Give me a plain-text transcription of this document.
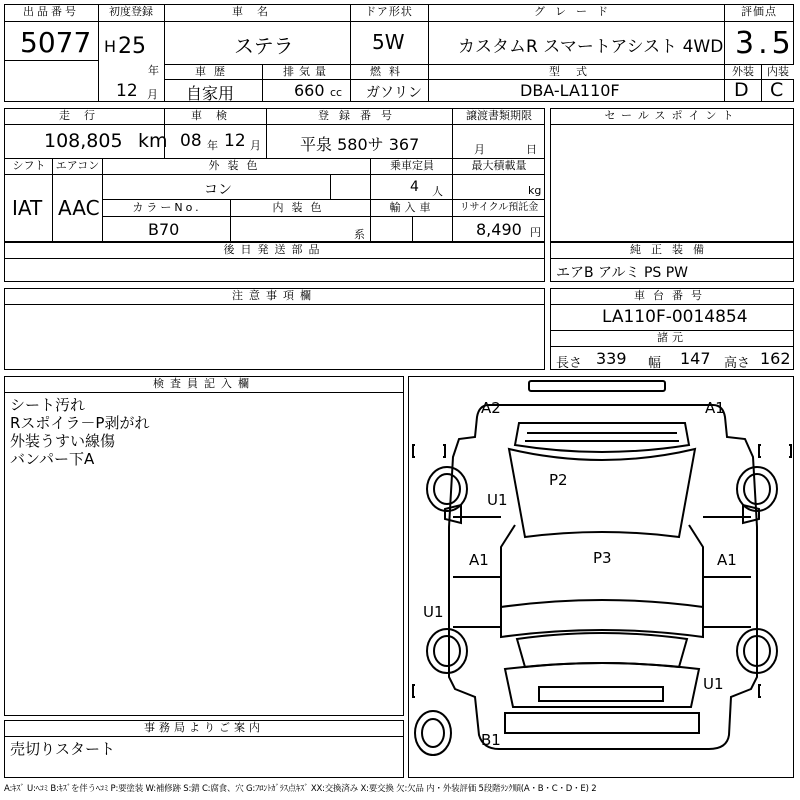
出品番号
5077
初度登録
H 25
年
12 月
車名
ステラ
ドア形状
5W
グレード
カスタムR スマートアシスト 4WD
評価点
3.5
車歴
自家用
排気量
660 cc
燃料
ガソリン
型式
DBA-LA110F
外装	内装
D C
走行
108,805 km
車検
08 年 12 月
登録番号
平泉 580サ 367
譲渡書類期限
月	日
シフト
IAT
エアコン
AAC
外装色
コン
乗車定員
4 人
最大積載量
kg
カラーNo.
B70
内装色
系
輸入車	リサイクル預託金
8,490 円
セールスポイント
後日発送部品	純正装備
エアB アルミ PS PW
注意事項欄	車台番号
LA110F-0014854
諸元
長さ 339 幅 147 高さ 162
検査員記入欄
シート汚れ
Rスポイラ－P剥がれ
外装うすい線傷
バンパー下A
事務局よりご案内
売切りスタート
A2	A1
P2
U1
A1	P3	A1
U1
U1
B1
A:ｷｽﾞ U:ﾍｺﾐ B:ｷｽﾞを伴うﾍｺﾐ P:要塗装 W:補修跡 S:錆 C:腐食、穴 G:ﾌﾛﾝﾄｶﾞﾗｽ点ｷｽﾞ XX:交換済み X:要交換 欠:欠品 内・外装評価 5段階ﾗﾝｸ順(A・B・C・D・E) 2
